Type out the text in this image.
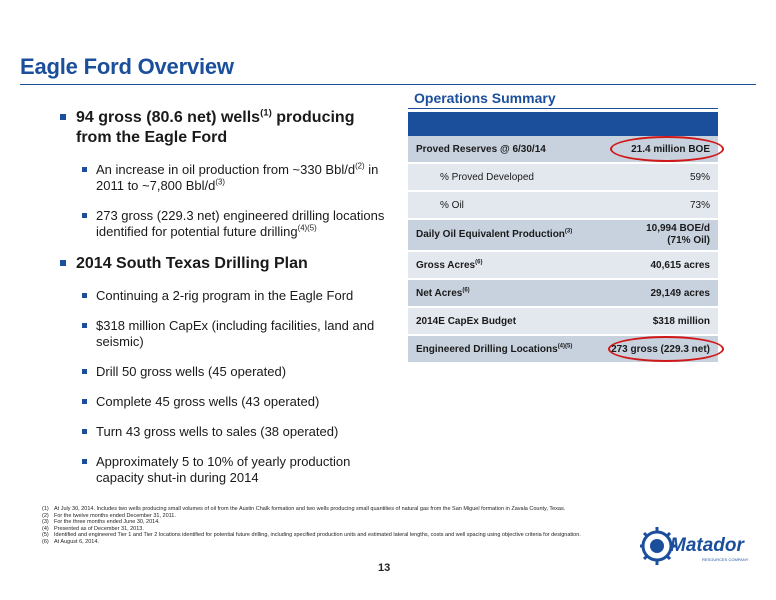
Eagle Ford Overview
94 gross (80.6 net) wells$^{(1)}$ producing from the Eagle Ford
An increase in oil production from ~330 Bbl/$d^{(2)}$ in 2011 to ~7,800 Bbl/$d^{(3)}$
273 gross (229.3 net) engineered drilling locations identified for potential future drilling$^{(4)(5)}$
2014 South Texas Drilling Plan
Continuing a 2-rig program in the Eagle Ford
$318 million CapEx (including facilities, land and seismic)
Drill 50 gross wells (45 operated)
Complete 45 gross wells (43 operated)
Turn 43 gross wells to sales (38 operated)
Approximately 5 to 10% of yearly production capacity shut-in during 2014
Operations Summary
Proved Reserves @ 6/30/14	21.4 million BOE

% Proved Developed	59%
% Oil	73%
Daily Oil Equivalent Production$^{(3)}$	10,994 BOE/d
(71% Oil)
Gross Acres$^{(6)}$	40,615 acres
Net Acres$^{(6)}$	29,149 acres
2014E CapEx Budget	$318 million
Engineered Drilling Locations$^{(4)(5)}$	273 gross (229.3 net)
(1) At July 30, 2014. Includes two wells producing small volumes of oil from the Austin Chalk formation and two wells producing small quantities of natural gas from the San Miguel formation in Zavala County, Texas.
(2) For the twelve months ended December 31, 2011.
(3) For the three months ended June 30, 2014.
(4) Presented as of December 31, 2013.
(5) Identified and engineered Tier 1 and Tier 2 locations identified for potential future drilling, including specified production units and estimated lateral lengths, costs and well spacing using objective criteria for designation.
(6) At August 6, 2014.
13
Matador
RESOURCES COMPANY
